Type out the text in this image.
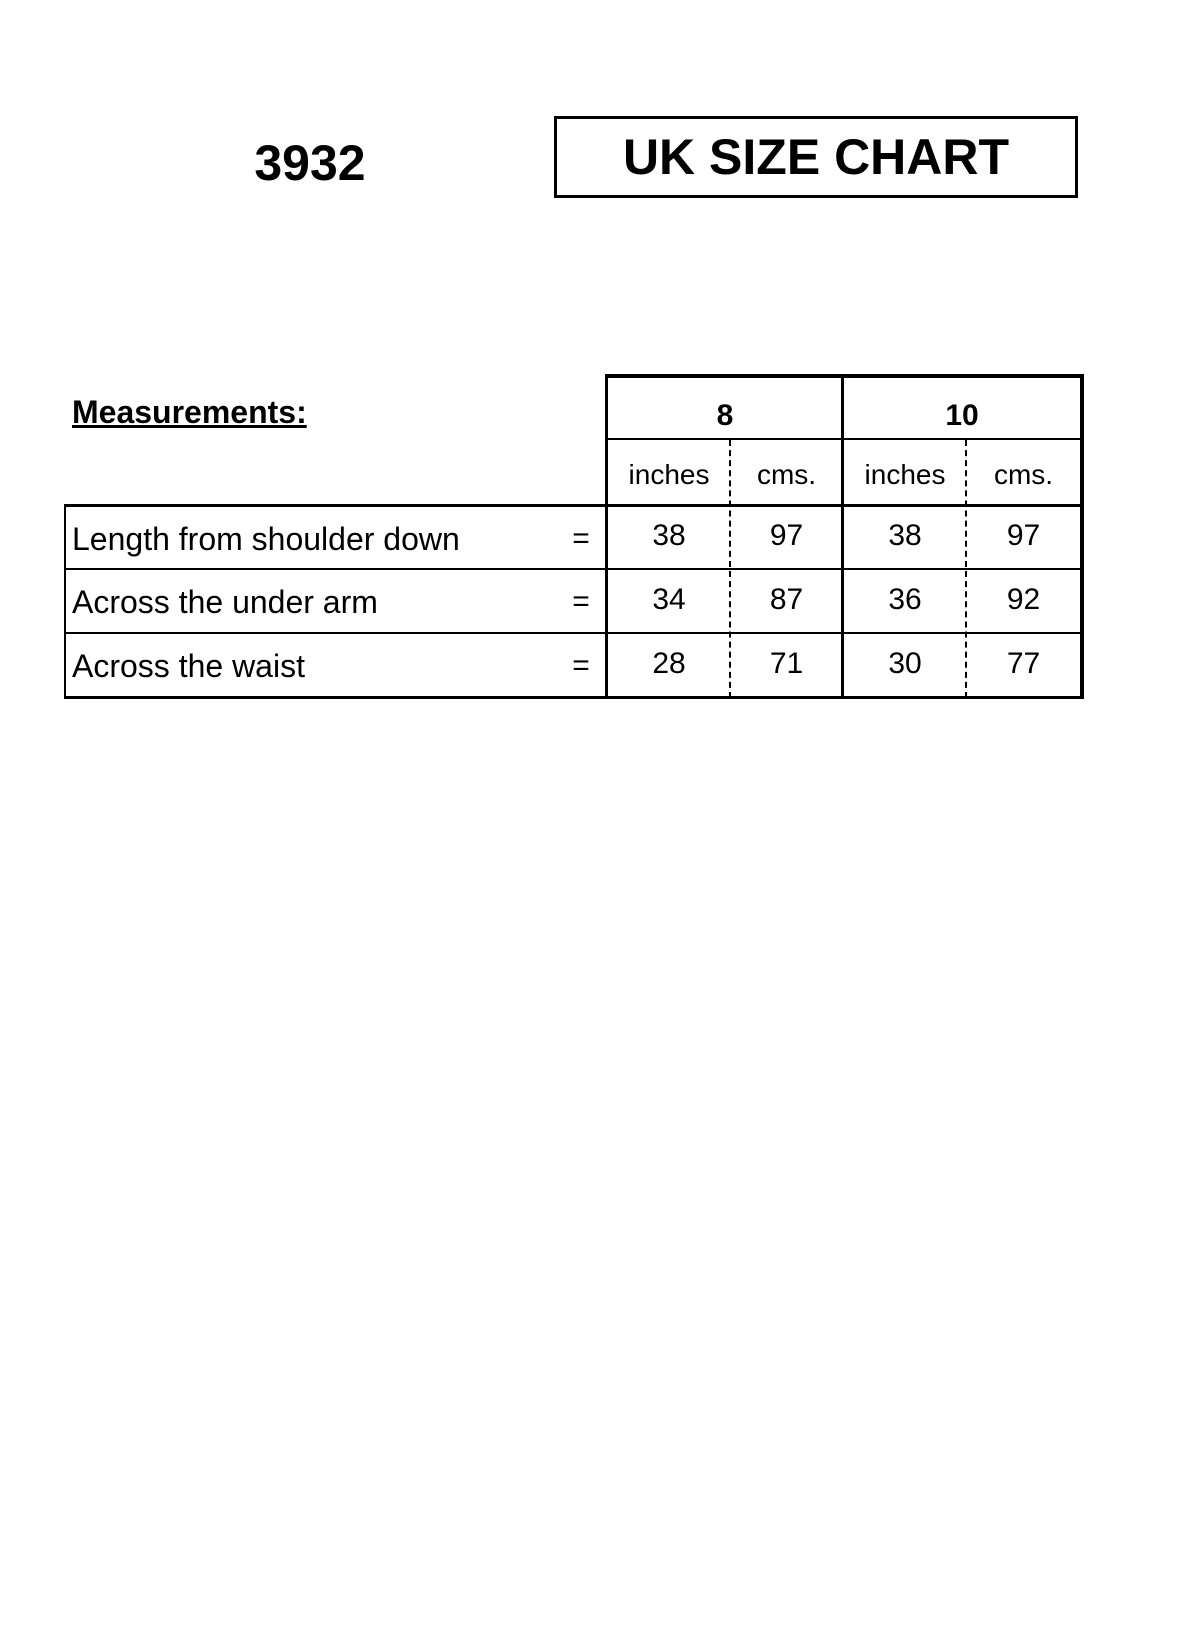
3932	UK SIZE CHART
Measurements:	8	10
inches	cms.	inches	cms.
Length from shoulder down	=	38	97	38	97
Across the under arm	=	34	87	36	92
Across the waist	=	28	71	30	77
